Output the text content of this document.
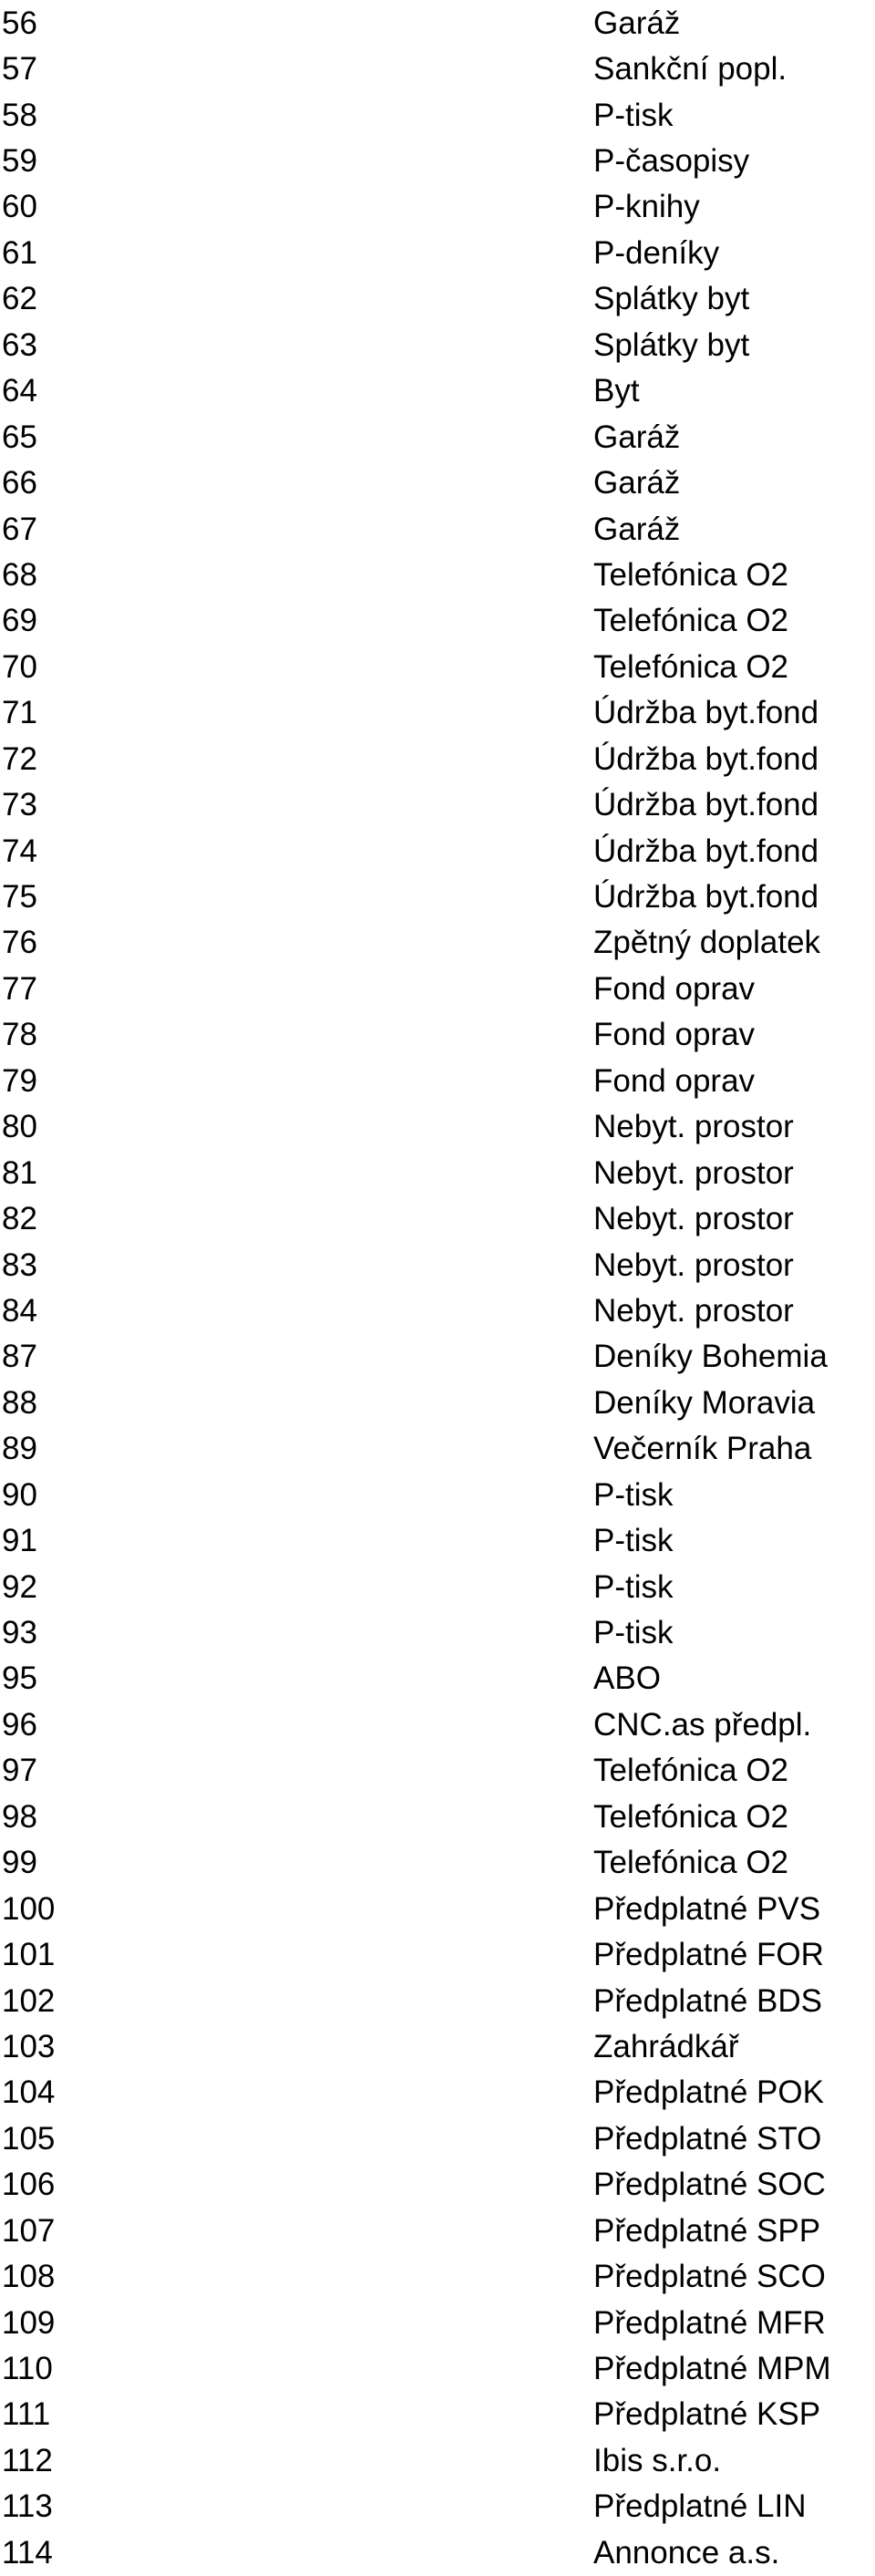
56	Garáž
57	Sankční popl.
58	P-tisk
59	P-časopisy
60	P-knihy
61	P-deníky
62	Splátky byt
63	Splátky byt
64	Byt
65	Garáž
66	Garáž
67	Garáž
68	Telefónica O2
69	Telefónica O2
70	Telefónica O2
71	Údržba byt.fond
72	Údržba byt.fond
73	Údržba byt.fond
74	Údržba byt.fond
75	Údržba byt.fond
76	Zpětný doplatek
77	Fond oprav
78	Fond oprav
79	Fond oprav
80	Nebyt. prostor
81	Nebyt. prostor
82	Nebyt. prostor
83	Nebyt. prostor
84	Nebyt. prostor
87	Deníky Bohemia
88	Deníky Moravia
89	Večerník Praha
90	P-tisk
91	P-tisk
92	P-tisk
93	P-tisk
95	ABO
96	CNC.as předpl.
97	Telefónica O2
98	Telefónica O2
99	Telefónica O2
100	Předplatné PVS
101	Předplatné FOR
102	Předplatné BDS
103	Zahrádkář
104	Předplatné POK
105	Předplatné STO
106	Předplatné SOC
107	Předplatné SPP
108	Předplatné SCO
109	Předplatné MFR
110	Předplatné MPM
111	Předplatné KSP
112	Ibis s.r.o.
113	Předplatné LIN
114	Annonce a.s.
